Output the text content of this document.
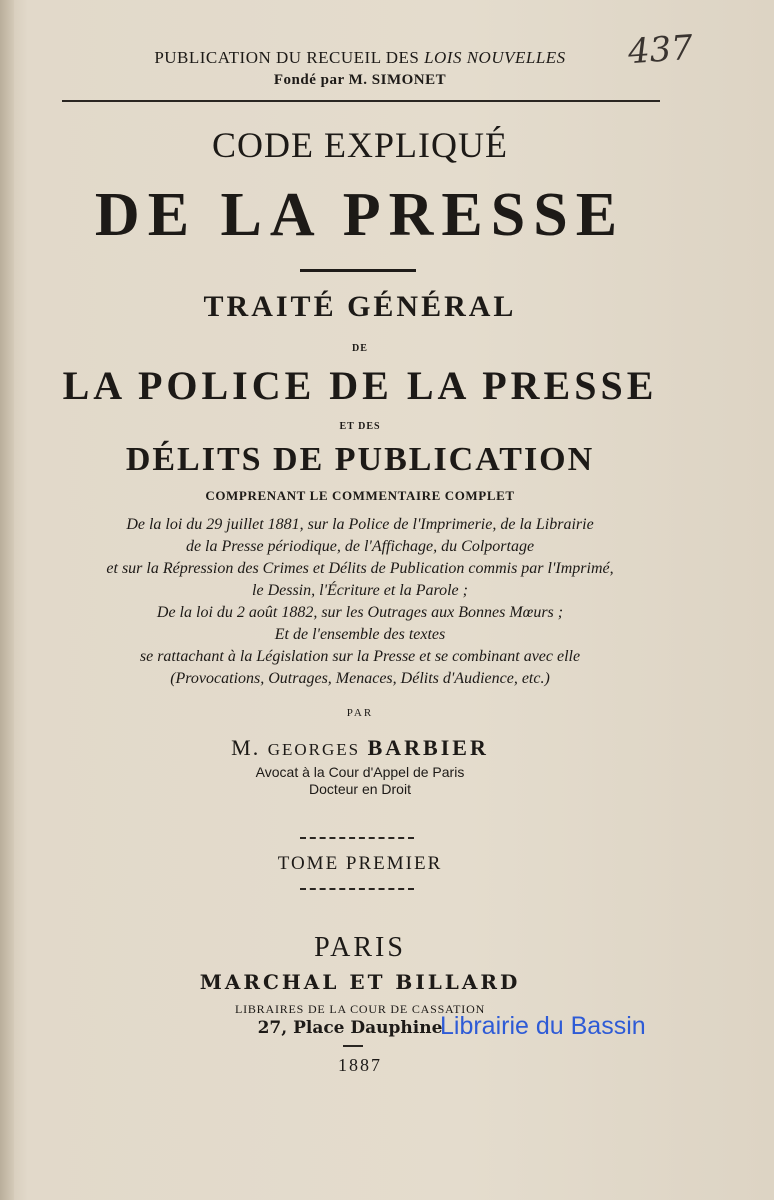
PUBLICATION DU RECUEIL DES LOIS NOUVELLES
Fondé par M. SIMONET
437
CODE EXPLIQUÉ
DE LA PRESSE
TRAITÉ GÉNÉRAL
DE
LA POLICE DE LA PRESSE
ET DES
DÉLITS DE PUBLICATION
COMPRENANT LE COMMENTAIRE COMPLET
De la loi du 29 juillet 1881, sur la Police de l'Imprimerie, de la Librairie
de la Presse périodique, de l'Affichage, du Colportage
et sur la Répression des Crimes et Délits de Publication commis par l'Imprimé,
le Dessin, l'Écriture et la Parole ;
De la loi du 2 août 1882, sur les Outrages aux Bonnes Mœurs ;
Et de l'ensemble des textes
se rattachant à la Législation sur la Presse et se combinant avec elle
(Provocations, Outrages, Menaces, Délits d'Audience, etc.)
PAR
M. GEORGES BARBIER
Avocat à la Cour d'Appel de Paris
Docteur en Droit
TOME PREMIER
PARIS
MARCHAL ET BILLARD
LIBRAIRES DE LA COUR DE CASSATION
27, Place Dauphine
1887
Librairie du Bassin
